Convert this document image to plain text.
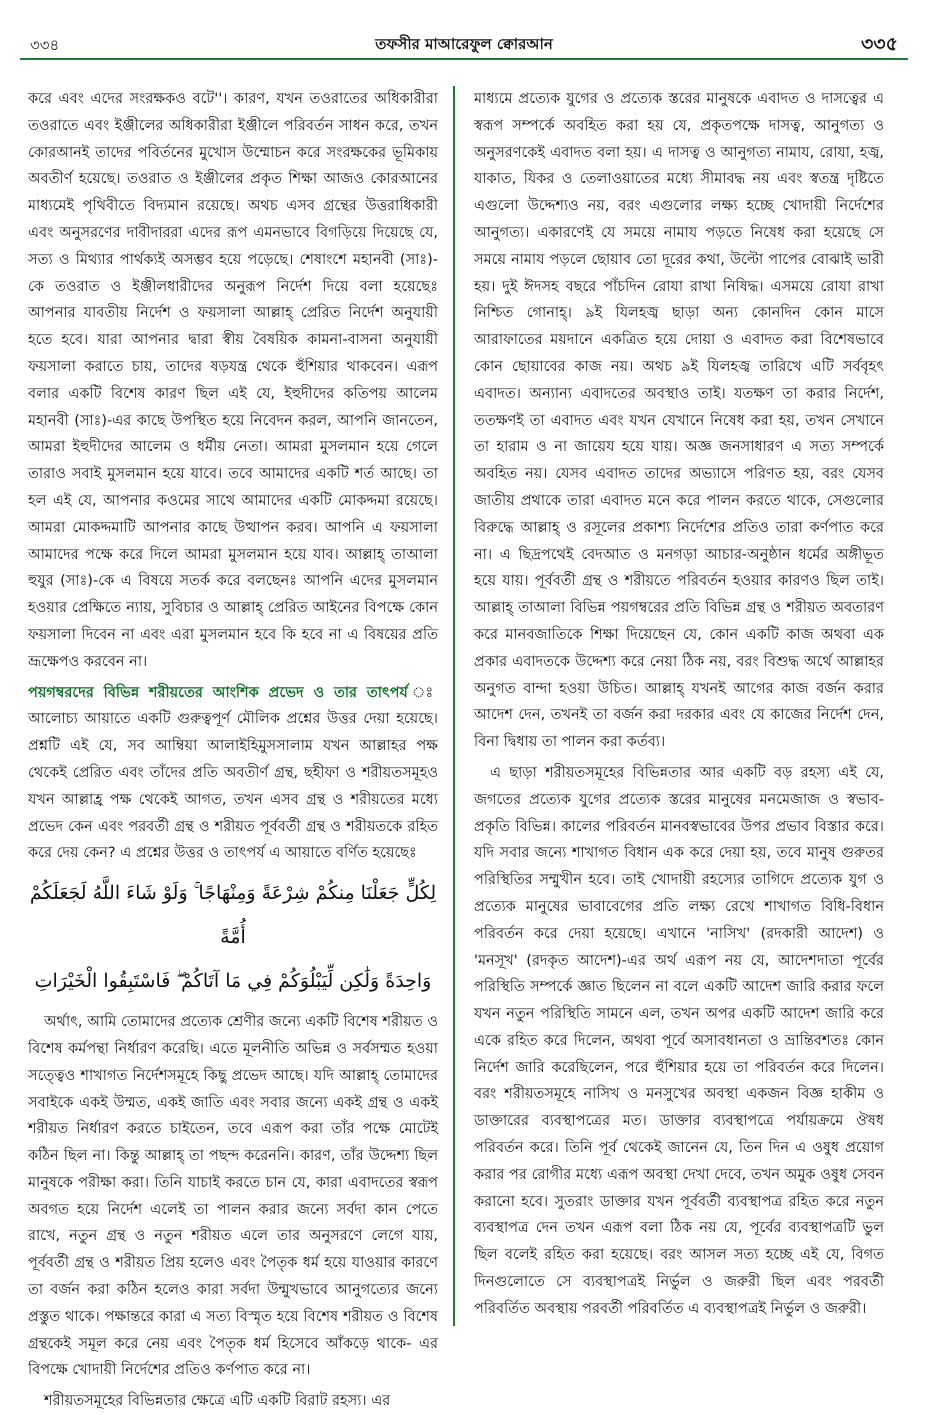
৩৩৪	তফসীর মাআরেফুল ক্বোরআন	৩৩৫

করে এবং এদের সংরক্ষকও বটে''। কারণ, যখন তওরাতের অধিকারীরা তওরাতে এবং ইঞ্জীলের অধিকারীরা ইঞ্জীলে পরিবর্তন সাধন করে, তখন কোরআনই তাদের পবির্তনের মুখোস উম্মোচন করে সংরক্ষকের ভূমিকায় অবতীর্ণ হয়েছে। তওরাত ও ইঞ্জীলের প্রকৃত শিক্ষা আজও কোরআনের মাধ্যমেই পৃথিবীতে বিদ্যমান রয়েছে। অথচ এসব গ্রন্থের উত্তরাধিকারী এবং অনুসরণের দাবীদাররা এদের রূপ এমনভাবে বিগড়িয়ে দিয়েছে যে, সত্য ও মিথ্যার পার্থক্যই অসম্ভব হয়ে পড়েছে। শেষাংশে মহানবী (সাঃ)-কে তওরাত ও ইঞ্জীলধারীদের অনুরূপ নির্দেশ দিয়ে বলা হয়েছেঃ আপনার যাবতীয় নির্দেশ ও ফয়সালা আল্লাহ্ প্রেরিত নির্দেশ অনুযায়ী হতে হবে। যারা আপনার দ্বারা স্বীয় বৈষয়িক কামনা-বাসনা অনুযায়ী ফয়সালা করাতে চায়, তাদের ষড়যন্ত্র থেকে হুঁশিয়ার থাকবেন। এরূপ বলার একটি বিশেষ কারণ ছিল এই যে, ইহুদীদের কতিপয় আলেম মহানবী (সাঃ)-এর কাছে উপস্থিত হয়ে নিবেদন করল, আপনি জানতেন, আমরা ইহুদীদের আলেম ও ধর্মীয় নেতা। আমরা মুসলমান হয়ে গেলে তারাও সবাই মুসলমান হয়ে যাবে। তবে আমাদের একটি শর্ত আছে। তা হল এই যে, আপনার কওমের সাথে আমাদের একটি মোকদ্দমা রয়েছে। আমরা মোকদ্দমাটি আপনার কাছে উত্থাপন করব। আপনি এ ফয়সালা আমাদের পক্ষে করে দিলে আমরা মুসলমান হয়ে যাব। আল্লাহ্ তাআলা হুযুর (সাঃ)-কে এ বিষয়ে সতর্ক করে বলছেনঃ আপনি এদের মুসলমান হওয়ার প্রেক্ষিতে ন্যায়, সুবিচার ও আল্লাহ্ প্রেরিত আইনের বিপক্ষে কোন ফয়সালা দিবেন না এবং এরা মুসলমান হবে কি হবে না এ বিষয়ের প্রতি ভ্রূক্ষেপও করবেন না।

পয়গম্বরদের বিভিন্ন শরীয়তের আংশিক প্রভেদ ও তার তাৎপর্য আলোচ্য আয়াতে একটি গুরুত্বপূর্ণ মৌলিক প্রশ্নের উত্তর দেয়া হয়েছে। প্রশ্নটি এই যে, সব আম্বিয়া আলাইহিমুসসালাম যখন আল্লাহর পক্ষ থেকেই প্রেরিত এবং তাঁদের প্রতি অবতীর্ণ গ্রন্থ, ছহীফা ও শরীয়তসমূহও যখন আল্লাহ্র পক্ষ থেকেই আগত, তখন এসব গ্রন্থ ও শরীয়তের মধ্যে প্রভেদ কেন এবং পরবর্তী গ্রন্থ ও শরীয়ত পূর্ববর্তী গ্রন্থ ও শরীয়তকে রহিত করে দেয় কেন? এ প্রশ্নের উত্তর ও তাৎপর্য এ আয়াতে বর্ণিত হয়েছেঃ

لِكُلٍّ جَعَلْنَا مِنكُمْ شِرْعَةً وَمِنْهَاجًا ۚ وَلَوْ شَاءَ اللَّهُ لَجَعَلَكُمْ أُمَّةً
وَاحِدَةً وَلَٰكِن لِّيَبْلُوَكُمْ فِي مَا آتَاكُمْ ۖ فَاسْتَبِقُوا الْخَيْرَاتِ

অর্থাৎ, আমি তোমাদের প্রত্যেক শ্রেণীর জন্যে একটি বিশেষ শরীয়ত ও বিশেষ কর্মপন্থা নির্ধারণ করেছি। এতে মূলনীতি অভিন্ন ও সর্বসম্মত হওয়া সত্ত্বেও শাখাগত নির্দেশসমূহে কিছু প্রভেদ আছে। যদি আল্লাহ্ তোমাদের সবাইকে একই উম্মত, একই জাতি এবং সবার জন্যে একই গ্রন্থ ও একই শরীয়ত নির্ধারণ করতে চাইতেন, তবে এরূপ করা তাঁর পক্ষে মোটেই কঠিন ছিল না। কিন্তু আল্লাহ্ তা পছন্দ করেননি। কারণ, তাঁর উদ্দেশ্য ছিল মানুষকে পরীক্ষা করা। তিনি যাচাই করতে চান যে, কারা এবাদতের স্বরূপ অবগত হয়ে নির্দেশ এলেই তা পালন করার জন্যে সর্বদা কান পেতে রাখে, নতুন গ্রন্থ ও নতুন শরীয়ত এলে তার অনুসরণে লেগে যায়, পূর্ববর্তী গ্রন্থ ও শরীয়ত প্রিয় হলেও এবং পৈতৃক ধর্ম হয়ে যাওয়ার কারণে তা বর্জন করা কঠিন হলেও কারা সর্বদা উন্মুখভাবে আনুগত্যের জন্যে প্রস্তুত থাকে। পক্ষান্তরে কারা এ সত্য বিস্মৃত হয়ে বিশেষ শরীয়ত ও বিশেষ গ্রন্থকেই সমূল করে নেয় এবং পৈতৃক ধর্ম হিসেবে আঁকড়ে থাকে- এর বিপক্ষে খোদায়ী নির্দেশের প্রতিও কর্ণপাত করে না।

শরীয়তসমূহের বিভিন্নতার ক্ষেত্রে এটি একটি বিরাট রহস্য। এর

মাধ্যমে প্রত্যেক যুগের ও প্রত্যেক স্তরের মানুষকে এবাদত ও দাসত্বের এ স্বরূপ সম্পর্কে অবহিত করা হয় যে, প্রকৃতপক্ষে দাসত্ব, আনুগত্য ও অনুসরণকেই এবাদত বলা হয়। এ দাসত্ব ও আনুগত্য নামায, রোযা, হজ্ব, যাকাত, যিকর ও তেলাওয়াতের মধ্যে সীমাবদ্ধ নয় এবং স্বতন্ত্র দৃষ্টিতে এগুলো উদ্দেশ্যও নয়, বরং এগুলোর লক্ষ্য হচ্ছে খোদায়ী নির্দেশের আনুগত্য। একারণেই যে সময়ে নামায পড়তে নিষেধ করা হয়েছে সে সময়ে নামায পড়লে ছোয়াব তো দূরের কথা, উল্টো পাপের বোঝাই ভারী হয়। দুই ঈদসহ বছরে পাঁচদিন রোযা রাখা নিষিদ্ধ। এসময়ে রোযা রাখা নিশ্চিত গোনাহ্। ৯ই যিলহজ্ব ছাড়া অন্য কোনদিন কোন মাসে আরাফাতের ময়দানে একত্রিত হয়ে দোয়া ও এবাদত করা বিশেষভাবে কোন ছোয়াবের কাজ নয়। অথচ ৯ই যিলহজ্ব তারিখে এটি সর্ববৃহৎ এবাদত। অন্যান্য এবাদতের অবস্থাও তাই। যতক্ষণ তা করার নির্দেশ, ততক্ষণই তা এবাদত এবং যখন যেখানে নিষেধ করা হয়, তখন সেখানে তা হারাম ও না জায়েয হয়ে যায়। অজ্ঞ জনসাধারণ এ সত্য সম্পর্কে অবহিত নয়। যেসব এবাদত তাদের অভ্যাসে পরিণত হয়, বরং যেসব জাতীয় প্রথাকে তারা এবাদত মনে করে পালন করতে থাকে, সেগুলোর বিরুদ্ধে আল্লাহ্ ও রসূলের প্রকাশ্য নির্দেশের প্রতিও তারা কর্ণপাত করে না। এ ছিদ্রপথেই বেদআত ও মনগড়া আচার-অনুষ্ঠান ধর্মের অঙ্গীভূত হয়ে যায়। পূর্ববর্তী গ্রন্থ ও শরীয়তে পরিবর্তন হওয়ার কারণও ছিল তাই। আল্লাহ্ তাআলা বিভিন্ন পয়গম্বরের প্রতি বিভিন্ন গ্রন্থ ও শরীয়ত অবতারণ করে মানবজাতিকে শিক্ষা দিয়েছেন যে, কোন একটি কাজ অথবা এক প্রকার এবাদতকে উদ্দেশ্য করে নেয়া ঠিক নয়, বরং বিশুদ্ধ অর্থে আল্লাহর অনুগত বান্দা হওয়া উচিত। আল্লাহ্ যখনই আগের কাজ বর্জন করার আদেশ দেন, তখনই তা বর্জন করা দরকার এবং যে কাজের নির্দেশ দেন, বিনা দ্বিধায় তা পালন করা কর্তব্য।

এ ছাড়া শরীয়তসমূহের বিভিন্নতার আর একটি বড় রহস্য এই যে, জগতের প্রত্যেক যুগের প্রত্যেক স্তরের মানুষের মনমেজাজ ও স্বভাব-প্রকৃতি বিভিন্ন। কালের পরিবর্তন মানবস্বভাবের উপর প্রভাব বিস্তার করে। যদি সবার জন্যে শাখাগত বিধান এক করে দেয়া হয়, তবে মানুষ গুরুতর পরিস্থিতির সম্মুখীন হবে। তাই খোদায়ী রহস্যের তাগিদে প্রত্যেক যুগ ও প্রত্যেক মানুষের ভাবাবেগের প্রতি লক্ষ্য রেখে শাখাগত বিধি-বিধান পরিবর্তন করে দেয়া হয়েছে। এখানে 'নাসিখ' (রদকারী আদেশ) ও 'মনসূখ' (রদকৃত আদেশ)-এর অর্থ এরূপ নয় যে, আদেশদাতা পূর্বের পরিস্থিতি সম্পর্কে জ্ঞাত ছিলেন না বলে একটি আদেশ জারি করার ফলে যখন নতুন পরিস্থিতি সামনে এল, তখন অপর একটি আদেশ জারি করে একে রহিত করে দিলেন, অথবা পূর্বে অসাবধানতা ও ভ্রান্তিবশতঃ কোন নির্দেশ জারি করেছিলেন, পরে হুঁশিয়ার হয়ে তা পরিবর্তন করে দিলেন। বরং শরীয়তসমূহে নাসিখ ও মনসুখের অবস্থা একজন বিজ্ঞ হাকীম ও ডাক্তারের ব্যবস্থাপত্রের মত। ডাক্তার ব্যবস্থাপত্রে পর্যায়ক্রমে ঔষধ পরিবর্তন করে। তিনি পূর্ব থেকেই জানেন যে, তিন দিন এ ওষুধ প্রয়োগ করার পর রোগীর মধ্যে এরূপ অবস্থা দেখা দেবে, তখন অমুক ওষুধ সেবন করানো হবে। সুতরাং ডাক্তার যখন পূর্ববর্তী ব্যবস্থাপত্র রহিত করে নতুন ব্যবস্থাপত্র দেন তখন এরূপ বলা ঠিক নয় যে, পূর্বের ব্যবস্থাপত্রটি ভুল ছিল বলেই রহিত করা হয়েছে। বরং আসল সত্য হচ্ছে এই যে, বিগত দিনগুলোতে সে ব্যবস্থাপত্রই নির্ভুল ও জরুরী ছিল এবং পরবর্তী পরিবর্তিত অবস্থায় পরবর্তী পরিবর্তিত এ ব্যবস্থাপত্রই নির্ভুল ও জরুরী।
